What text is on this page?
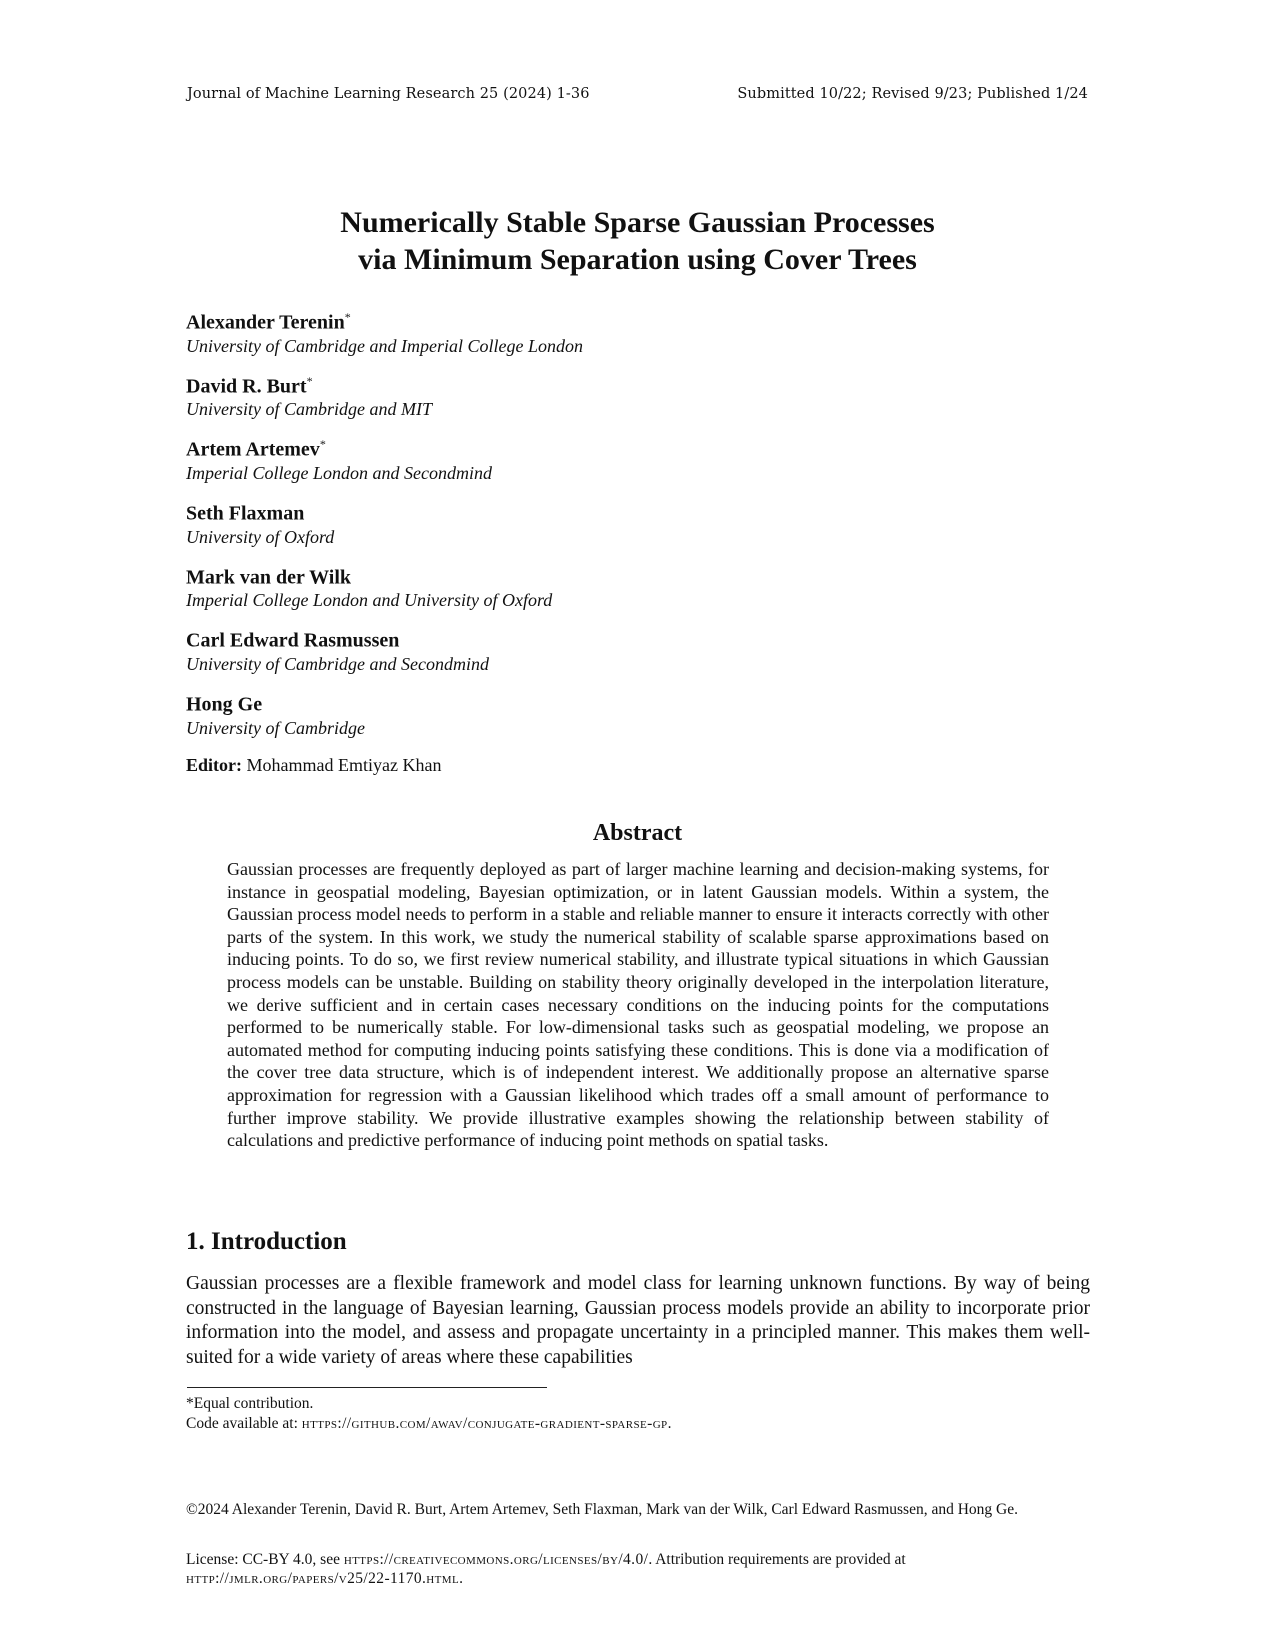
Journal of Machine Learning Research 25 (2024) 1-36	Submitted 10/22; Revised 9/23; Published 1/24
Numerically Stable Sparse Gaussian Processes
via Minimum Separation using Cover Trees
Alexander Terenin*
University of Cambridge and Imperial College London
David R. Burt*
University of Cambridge and MIT
Artem Artemev*
Imperial College London and Secondmind
Seth Flaxman
University of Oxford
Mark van der Wilk
Imperial College London and University of Oxford
Carl Edward Rasmussen
University of Cambridge and Secondmind
Hong Ge
University of Cambridge
Editor: Mohammad Emtiyaz Khan
Abstract
Gaussian processes are frequently deployed as part of larger machine learning and decision-making systems, for instance in geospatial modeling, Bayesian optimization, or in latent Gaussian models. Within a system, the Gaussian process model needs to perform in a stable and reliable manner to ensure it interacts correctly with other parts of the system. In this work, we study the numerical stability of scalable sparse approximations based on inducing points. To do so, we first review numerical stability, and illustrate typical situations in which Gaussian process models can be unstable. Building on stability theory originally developed in the interpolation literature, we derive sufficient and in certain cases necessary conditions on the inducing points for the computations performed to be numerically stable. For low-dimensional tasks such as geospatial modeling, we propose an automated method for computing inducing points satisfying these conditions. This is done via a modification of the cover tree data structure, which is of independent interest. We additionally propose an alternative sparse approximation for regression with a Gaussian likelihood which trades off a small amount of performance to further improve stability. We provide illustrative examples showing the relationship between stability of calculations and predictive performance of inducing point methods on spatial tasks.
1. Introduction
Gaussian processes are a flexible framework and model class for learning unknown functions. By way of being constructed in the language of Bayesian learning, Gaussian process models provide an ability to incorporate prior information into the model, and assess and propagate uncertainty in a principled manner. This makes them well-suited for a wide variety of areas where these capabilities
*Equal contribution.
Code available at: https://github.com/awav/conjugate-gradient-sparse-gp.
©2024 Alexander Terenin, David R. Burt, Artem Artemev, Seth Flaxman, Mark van der Wilk, Carl Edward Rasmussen, and Hong Ge.
License: CC-BY 4.0, see https://creativecommons.org/licenses/by/4.0/. Attribution requirements are provided at http://jmlr.org/papers/v25/22-1170.html.
